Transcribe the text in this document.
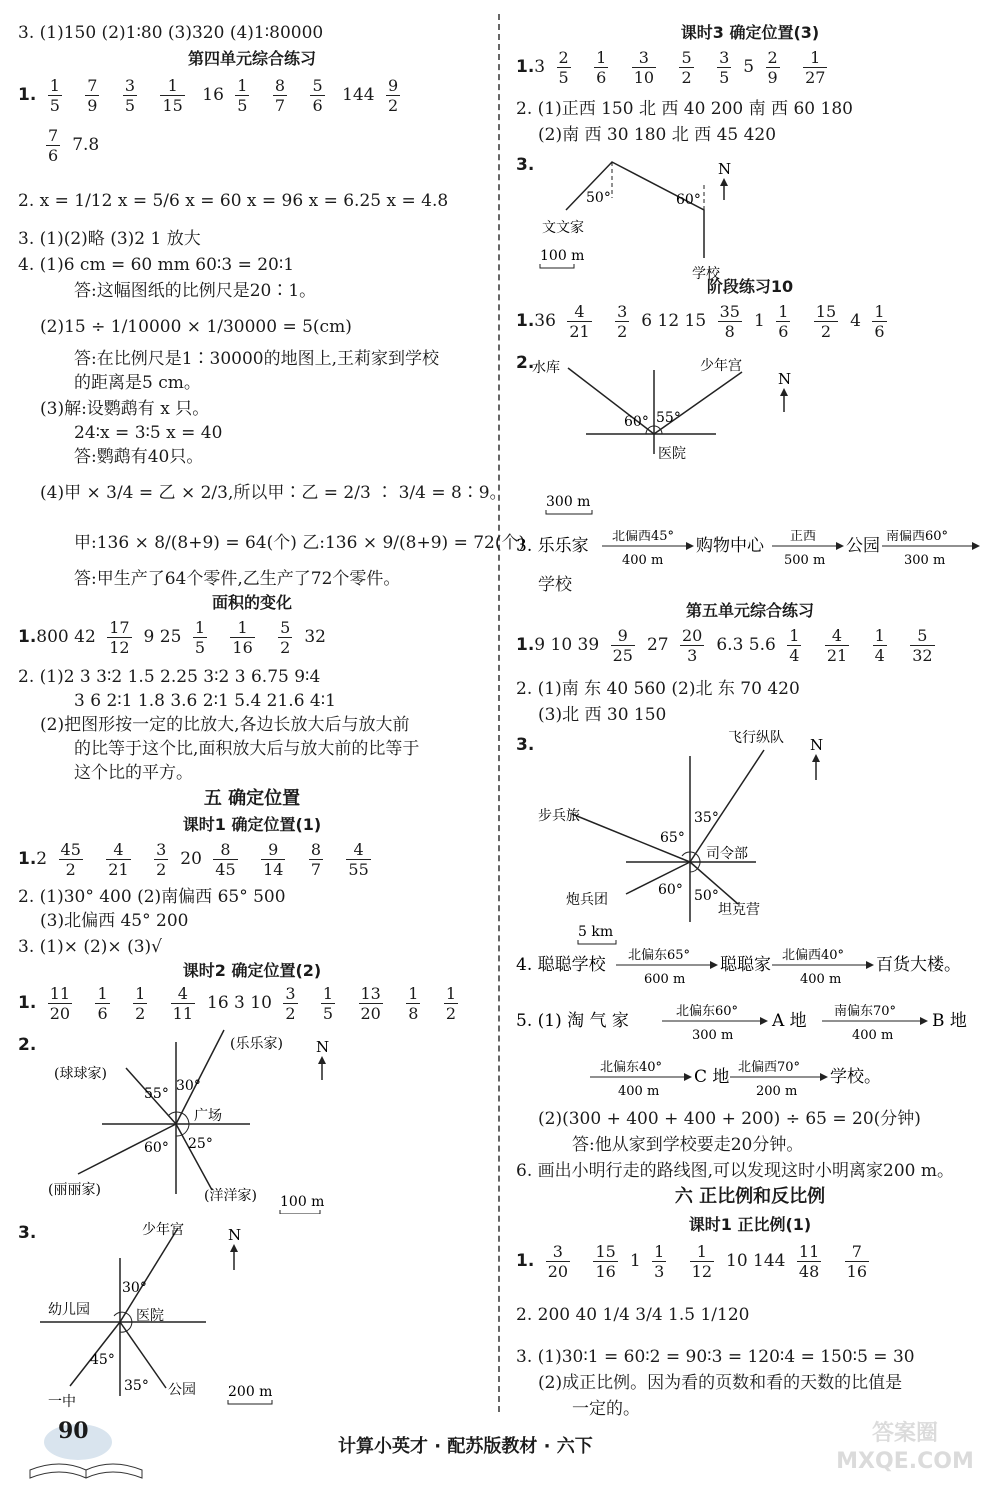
3. (1)150 (2)1∶80 (3)320 (4)1∶80000
第四单元综合练习
1. $\frac{1}{5}$
$\frac{7}{9}$
$\frac{3}{5}$
$\frac{1}{15} 16 \frac{1}{5}$
$\frac{8}{7}$
$\frac{5}{6} 144 \frac{9}{2}$
$\frac{7}{6} 7.8$
2. x = 1/12 x = 5/6 x = 60 x = 96 x = 6.25 x = 4.8
3. (1)(2)略 (3)2 1 放大
4. (1)6 cm = 60 mm 60∶3 = 20∶1
答:这幅图纸的比例尺是20∶1。
(2)15 ÷ 1/10000 × 1/30000 = 5(cm)
答:在比例尺是1∶30000的地图上,王莉家到学校
的距离是5 cm。
(3)解:设鹦鹉有 x 只。
24∶x = 3∶5 x = 40
答:鹦鹉有40只。
(4)甲 × 3/4 = 乙 × 2/3,所以甲∶乙 = 2/3 ∶ 3/4 = 8∶9。
甲:136 × 8/(8+9) = 64(个) 乙:136 × 9/(8+9) = 72(个)
答:甲生产了64个零件,乙生产了72个零件。
面积的变化
1.800 $42 \frac{17}{12} 9$ $25 \frac{1}{5}$
$\frac{1}{16}$
$\frac{5}{2} 32$
2. (1)2 3 3∶2 1.5 2.25 3∶2 3 6.75 9∶4
3 6 2∶1 1.8 3.6 2∶1 5.4 21.6 4∶1
(2)把图形按一定的比放大,各边长放大后与放大前
的比等于这个比,面积放大后与放大前的比等于
这个比的平方。
五 确定位置
课时1 确定位置(1)
$1.2 \frac{45}{2}$
$\frac{4}{21}$
$\frac{3}{2} 20 \frac{8}{45}$
$\frac{9}{14}$
$\frac{8}{7}$
$\frac{4}{55}$
2. (1)30° 400 (2)南偏西 65° 500
(3)北偏西 45° 200
3. (1)× (2)× (3)√
课时2 确定位置(2)
1. $\frac{11}{20}$
$\frac{1}{6}$
$\frac{1}{2}$
$\frac{4}{11} 16$ 3 $10 \frac{3}{2}$
$\frac{1}{5}$
$\frac{13}{20}$
$\frac{1}{8}$
$\frac{1}{2}$
2.	(乐乐家)
(球球家)
广场
(丽丽家)	(洋洋家)
55° 30°
60° 25°
N
100 m
3.	少年宫
幼儿园	医院
一中
公园
30°
45°
35°
N
200 m
课时3 确定位置(3)
$1.3 \frac{2}{5}$
$\frac{1}{6}$
$\frac{3}{10}$
$\frac{5}{2}$
$\frac{3}{5} 5 \frac{2}{9}$
$\frac{1}{27}$
2. (1)正西 150 北 西 40 200 南 西 60 180
(2)南 西 30 180 北 西 45 420
3.
文文家
学校
50°	60°
N
100 m
阶段练习10
$1.36 \frac{4}{21}$
$\frac{3}{2} 6$ 12 $15 \frac{35}{8} 1 \frac{1}{6}$
$\frac{15}{2} 4 \frac{1}{6}$
2.
水库	少年宫
医院
60° 55°
N
300 m
3. 乐乐家 北偏西45°
400 m
购物中心 正西
500 m
公园 南偏西60°
300 m
学校
第五单元综合练习
1.9 10 $39 \frac{9}{25} 27 \frac{20}{3} 6.3$ $5.6 \frac{1}{4}$
$\frac{4}{21}$
$\frac{1}{4}$
$\frac{5}{32}$
2. (1)南 东 40 560 (2)北 东 70 420
(3)北 西 30 150
3.	飞行纵队
步兵旅
司令部
炮兵团
坦克营
35°
65°
60° 50°
N
5 km
4. 聪聪学校 北偏东65°
600 m
聪聪家 北偏西40°
400 m
百货大楼。
5. (1) 淘 气 家	北偏东60°
300 m
A 地 南偏东70°
400 m
B 地
北偏东40°
400 m
C 地 北偏西70°
200 m
学校。
(2)(300 + 400 + 400 + 200) ÷ 65 = 20(分钟)
答:他从家到学校要走20分钟。
6. 画出小明行走的路线图,可以发现这时小明离家200 m。
六 正比例和反比例
课时1 正比例(1)
1. $\frac{3}{20}$
$\frac{15}{16} 1 \frac{1}{3}$
$\frac{1}{12} 10$ $144 \frac{11}{48}$
$\frac{7}{16}$
2. 200 40 1/4 3/4 1.5 1/120
3. (1)30∶1 = 60∶2 = 90∶3 = 120∶4 = 150∶5 = 30
(2)成正比例。因为看的页数和看的天数的比值是
一定的。
90
计算小英才 · 配苏版教材 · 六下
答案圈 MXQE.COM
